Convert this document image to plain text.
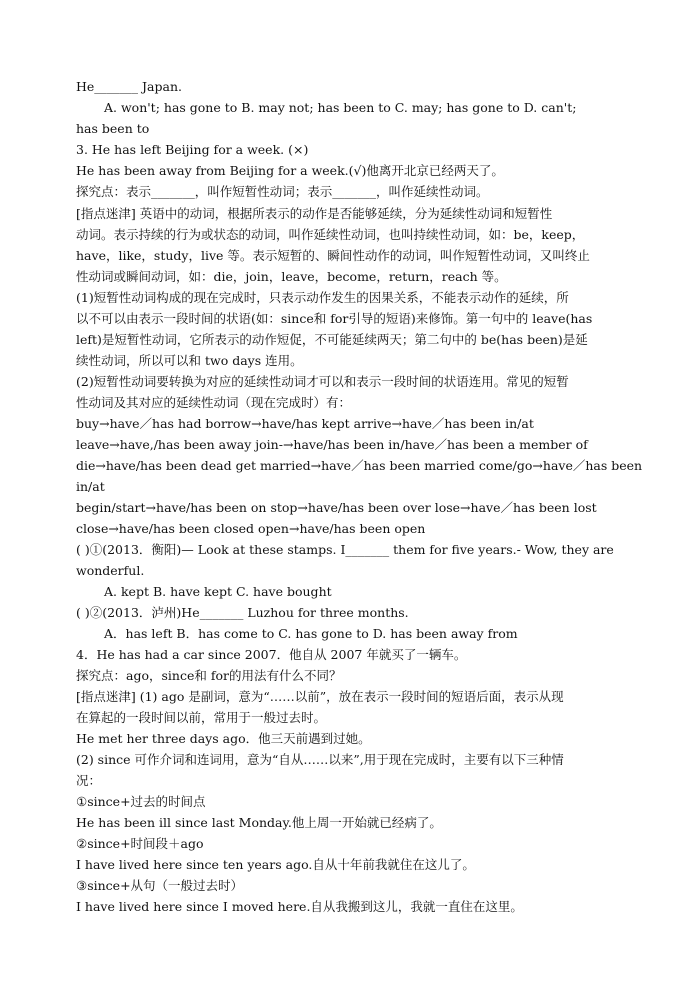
He_______ Japan.
A. won't; has gone to B. may not; has been to C. may; has gone to D. can't;
has been to
3. He has left Beijing for a week. (×)
He has been away from Beijing for a week.(√)他离开北京已经两天了。
探究点：表示_______，叫作短暂性动词；表示_______，叫作延续性动词。
[指点迷津] 英语中的动词，根据所表示的动作是否能够延续，分为延续性动词和短暂性
动词。表示持续的行为或状态的动词，叫作延续性动词，也叫持续性动词，如：be，keep，
have，like，study，live 等。表示短暂的、瞬间性动作的动词，叫作短暂性动词，又叫终止
性动词或瞬间动词，如：die，join，leave，become，return，reach 等。
(1)短暂性动词构成的现在完成时，只表示动作发生的因果关系，不能表示动作的延续，所
以不可以由表示一段时间的状语(如：since和 for引导的短语)来修饰。第一句中的 leave(has
left)是短暂性动词，它所表示的动作短促，不可能延续两天；第二句中的 be(has been)是延
续性动词，所以可以和 two days 连用。
(2)短暂性动词要转换为对应的延续性动词才可以和表示一段时间的状语连用。常见的短暂
性动词及其对应的延续性动词（现在完成时）有：
buy→have／has had borrow→have/has kept arrive→have／has been in/at
leave→have,/has been away join-→have/has been in/have／has been a member of
die→have/has been dead get married→have／has been married come/go→have／has been
in/at
begin/start→have/has been on stop→have/has been over lose→have／has been lost
close→have/has been closed open→have/has been open
( )①(2013．衡阳)— Look at these stamps. I_______ them for five years.- Wow, they are
wonderful.
A. kept B. have kept C. have bought
( )②(2013．泸州)He_______ Luzhou for three months.
A．has left B．has come to C. has gone to D. has been away from
4．He has had a car since 2007．他自从 2007 年就买了一辆车。
探究点：ago，since和 for的用法有什么不同？
[指点迷津] (1) ago 是副词，意为“……以前”，放在表示一段时间的短语后面，表示从现
在算起的一段时间以前，常用于一般过去时。
He met her three days ago．他三天前遇到过她。
(2) since 可作介词和连词用，意为“自从……以来”,用于现在完成时，主要有以下三种情
况：
①since+过去的时间点
He has been ill since last Monday.他上周一开始就已经病了。
②since+时间段＋ago
I have lived here since ten years ago.自从十年前我就住在这儿了。
③since+从句（一般过去时）
I have lived here since I moved here.自从我搬到这儿，我就一直住在这里。
